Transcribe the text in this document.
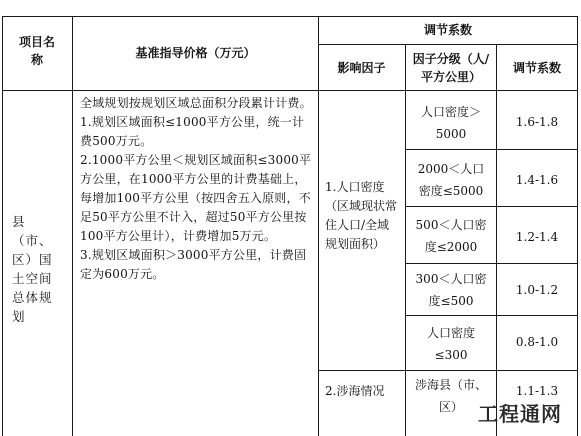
项目名称	基准指导价格（万元）
调节系数
影响因子
因子分级（人/平方公里）
调节系数
县（市、区）国土空间总体规划
全域规划按规划区域总面积分段累计计费。
1.规划区域面积≤1000平方公里，统一计费500万元。
2.1000平方公里＜规划区域面积≤3000平方公里，在1000平方公里的计费基础上，每增加100平方公里（按四舍五入原则，不足50平方公里不计入，超过50平方公里按100平方公里计），计费增加5万元。
3.规划区域面积＞3000平方公里，计费固定为600万元。
1.人口密度（区域现状常住人口/全域规划面积）
2.涉海情况
人口密度＞5000
1.6-1.8
2000＜人口密度≤5000
1.4-1.6
500＜人口密度≤2000
1.2-1.4
300＜人口密度≤500
1.0-1.2
人口密度≤300
0.8-1.0
涉海县（市、区）
1.1-1.3
工程通网
